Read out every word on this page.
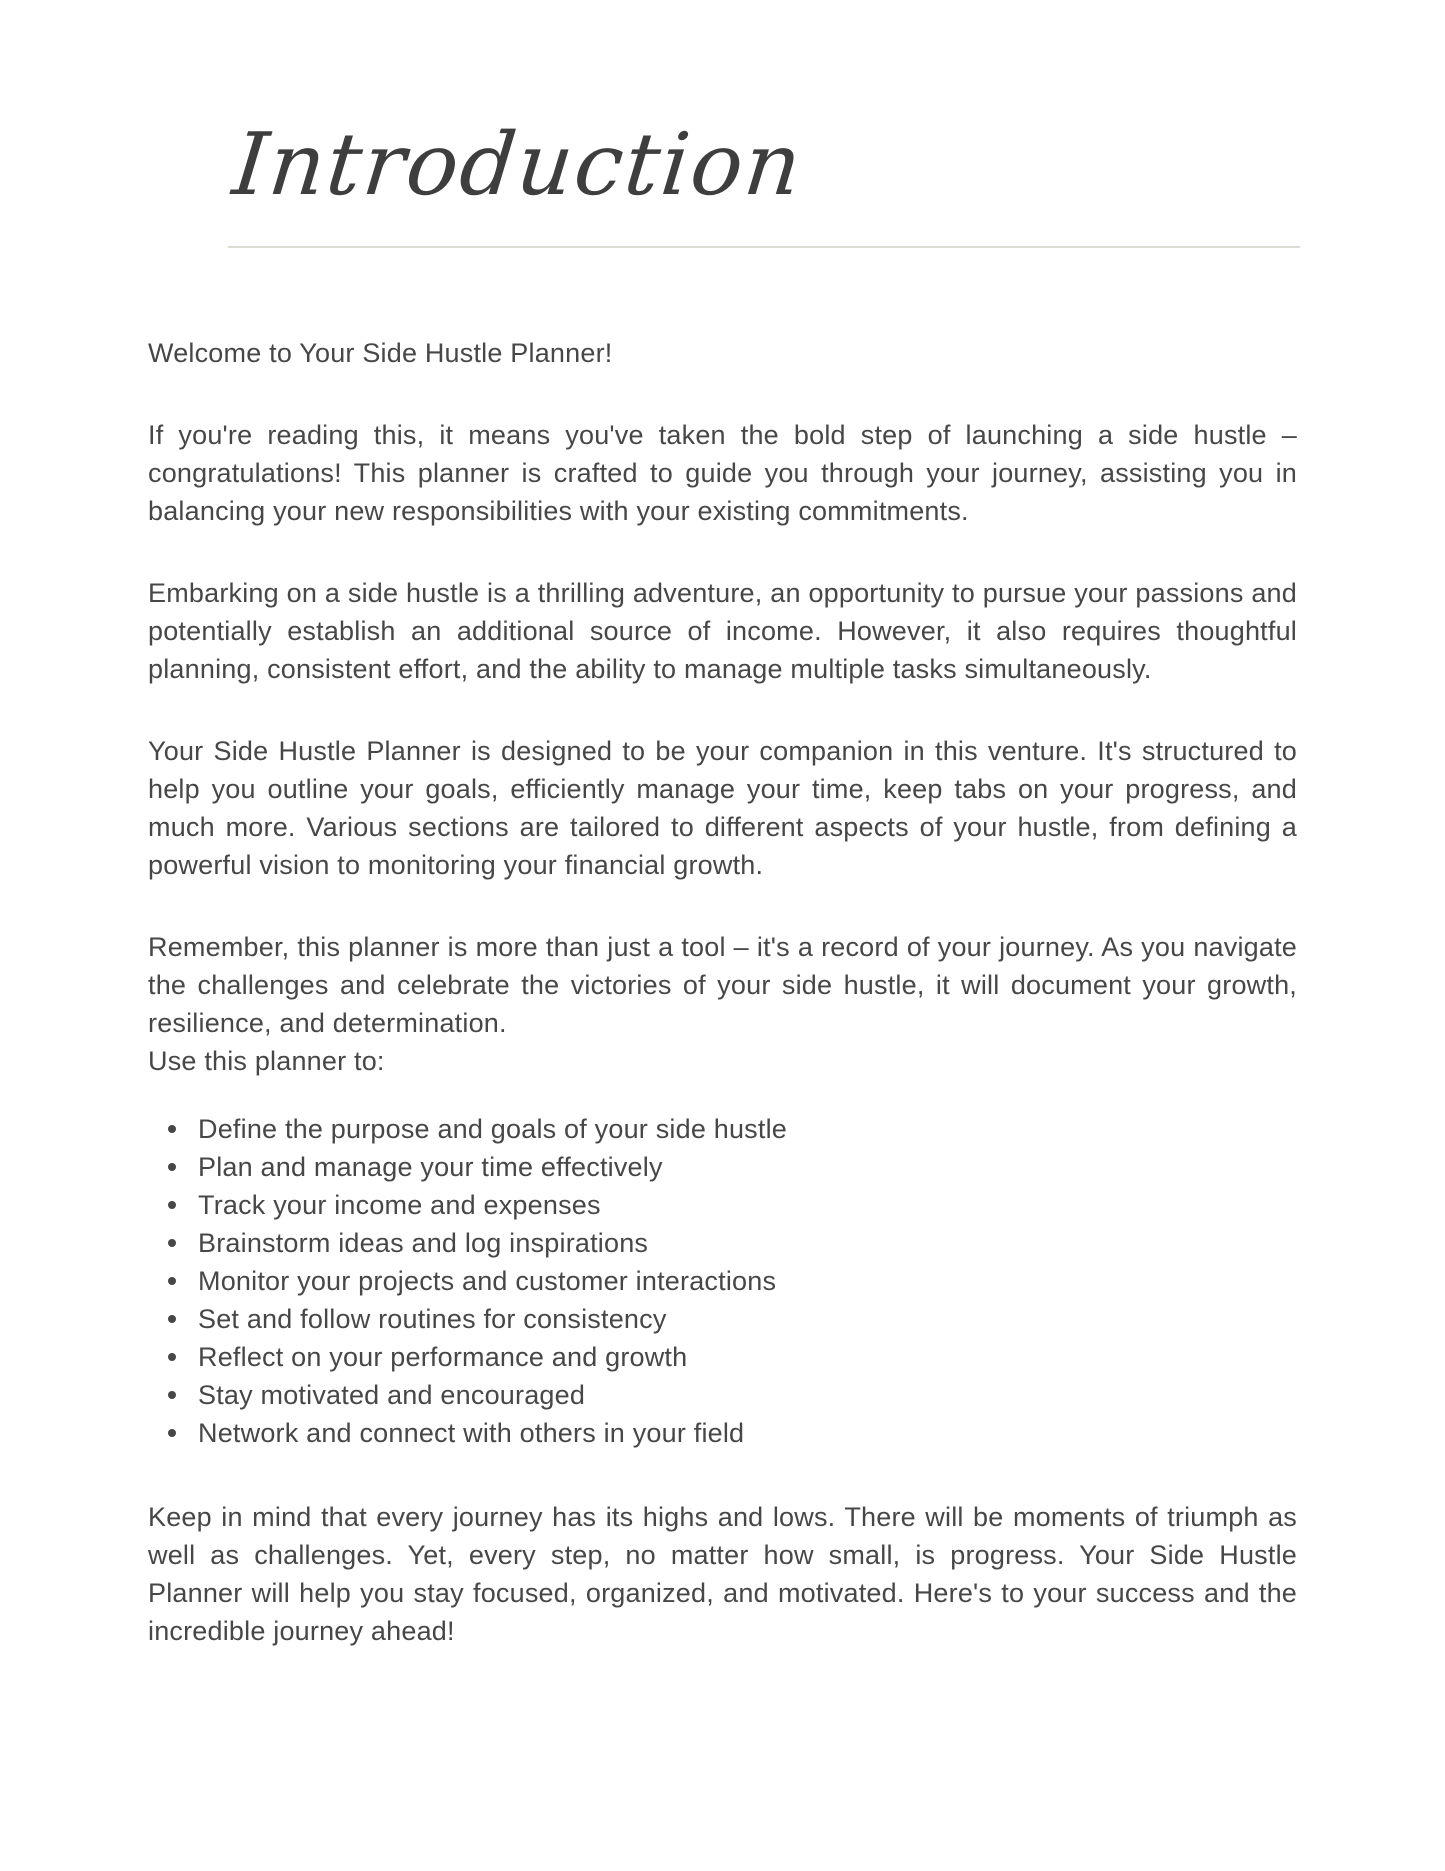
Introduction

Welcome to Your Side Hustle Planner!

If you're reading this, it means you've taken the bold step of launching a side hustle – congratulations! This planner is crafted to guide you through your journey, assisting you in balancing your new responsibilities with your existing commitments.

Embarking on a side hustle is a thrilling adventure, an opportunity to pursue your passions and potentially establish an additional source of income. However, it also requires thoughtful planning, consistent effort, and the ability to manage multiple tasks simultaneously.

Your Side Hustle Planner is designed to be your companion in this venture. It's structured to help you outline your goals, efficiently manage your time, keep tabs on your progress, and much more. Various sections are tailored to different aspects of your hustle, from defining a powerful vision to monitoring your financial growth.

Remember, this planner is more than just a tool – it's a record of your journey. As you navigate the challenges and celebrate the victories of your side hustle, it will document your growth, resilience, and determination.

Use this planner to:

Define the purpose and goals of your side hustle
Plan and manage your time effectively
Track your income and expenses
Brainstorm ideas and log inspirations
Monitor your projects and customer interactions
Set and follow routines for consistency
Reflect on your performance and growth
Stay motivated and encouraged
Network and connect with others in your field

Keep in mind that every journey has its highs and lows. There will be moments of triumph as well as challenges. Yet, every step, no matter how small, is progress. Your Side Hustle Planner will help you stay focused, organized, and motivated. Here's to your success and the incredible journey ahead!
